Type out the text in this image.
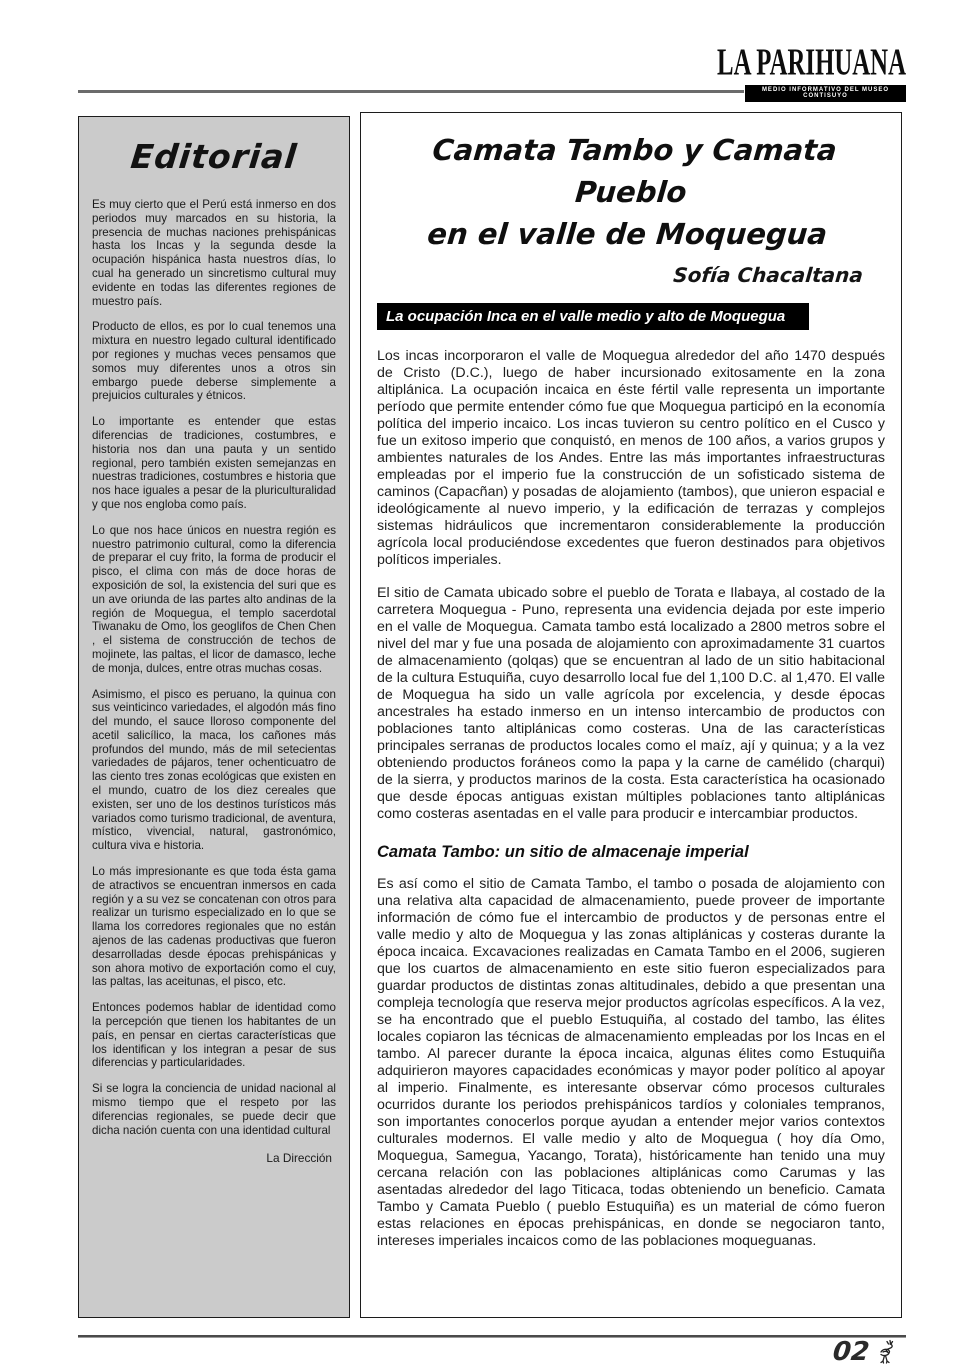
LA PARIHUANA
MEDIO INFORMATIVO DEL MUSEO CONTISUYO
Editorial

Es muy cierto que el Perú está inmerso en dos periodos muy marcados en su historia, la presencia de muchas naciones prehispánicas hasta los Incas y la segunda desde la ocupación hispánica hasta nuestros días, lo cual ha generado un sincretismo cultural muy evidente en todas las diferentes regiones de muestro país.

Producto de ellos, es por lo cual tenemos una mixtura en nuestro legado cultural identificado por regiones y muchas veces pensamos que somos muy diferentes unos a otros sin embargo puede deberse simplemente a prejuicios culturales y étnicos.

Lo importante es entender que estas diferencias de tradiciones, costumbres, e historia nos dan una pauta y un sentido regional, pero también existen semejanzas en nuestras tradiciones, costumbres e historia que nos hace iguales a pesar de la pluriculturalidad y que nos engloba como país.

Lo que nos hace únicos en nuestra región es nuestro patrimonio cultural, como la diferencia de preparar el cuy frito, la forma de producir el pisco, el clima con más de doce horas de exposición de sol, la existencia del suri que es un ave oriunda de las partes alto andinas de la región de Moquegua, el templo sacerdotal Tiwanaku de Omo, los geoglifos de Chen Chen , el sistema de construcción de techos de mojinete, las paltas, el licor de damasco, leche de monja, dulces, entre otras muchas cosas.

Asimismo, el pisco es peruano, la quinua con sus veinticinco variedades, el algodón más fino del mundo, el sauce lloroso componente del acetil salicílico, la maca, los cañones más profundos del mundo, más de mil setecientas variedades de pájaros, tener ochenticuatro de las ciento tres zonas ecológicas que existen en el mundo, cuatro de los diez cereales que existen, ser uno de los destinos turísticos más variados como turismo tradicional, de aventura, místico, vivencial, natural, gastronómico, cultura viva e historia.

Lo más impresionante es que toda ésta gama de atractivos se encuentran inmersos en cada región y a su vez se concatenan con otros para realizar un turismo especializado en lo que se llama los corredores regionales que no están ajenos de las cadenas productivas que fueron desarrolladas desde épocas prehispánicas y son ahora motivo de exportación como el cuy, las paltas, las aceitunas, el pisco, etc.

Entonces podemos hablar de identidad como la percepción que tienen los habitantes de un país, en pensar en ciertas características que los identifican y los integran a pesar de sus diferencias y particularidades.

Si se logra la conciencia de unidad nacional al mismo tiempo que el respeto por las diferencias regionales, se puede decir que dicha nación cuenta con una identidad cultural

La Dirección
Camata Tambo y Camata Pueblo
en el valle de Moquegua
Sofía Chacaltana
La ocupación Inca en el valle medio y alto de Moquegua

Los incas incorporaron el valle de Moquegua alrededor del año 1470 después de Cristo (D.C.), luego de haber incursionado exitosamente en la zona altiplánica. La ocupación incaica en éste fértil valle representa un importante período que permite entender cómo fue que Moquegua participó en la economía política del imperio incaico. Los incas tuvieron su centro político en el Cusco y fue un exitoso imperio que conquistó, en menos de 100 años, a varios grupos y ambientes naturales de los Andes. Entre las más importantes infraestructuras empleadas por el imperio fue la construcción de un sofisticado sistema de caminos (Capacñan) y posadas de alojamiento (tambos), que unieron espacial e ideológicamente al nuevo imperio, y la edificación de terrazas y complejos sistemas hidráulicos que incrementaron considerablemente la producción agrícola local produciéndose excedentes que fueron destinados para objetivos políticos imperiales.

El sitio de Camata ubicado sobre el pueblo de Torata e Ilabaya, al costado de la carretera Moquegua - Puno, representa una evidencia dejada por este imperio en el valle de Moquegua. Camata tambo está localizado a 2800 metros sobre el nivel del mar y fue una posada de alojamiento con aproximadamente 31 cuartos de almacenamiento (qolqas) que se encuentran al lado de un sitio habitacional de la cultura Estuquiña, cuyo desarrollo local fue del 1,100 D.C. al 1,470. El valle de Moquegua ha sido un valle agrícola por excelencia, y desde épocas ancestrales ha estado inmerso en un intenso intercambio de productos con poblaciones tanto altiplánicas como costeras. Una de las características principales serranas de productos locales como el maíz, ají y quinua; y a la vez obteniendo productos foráneos como la papa y la carne de camélido (charqui) de la sierra, y productos marinos de la costa. Esta característica ha ocasionado que desde épocas antiguas existan múltiples poblaciones tanto altiplánicas como costeras asentadas en el valle para producir e intercambiar productos.

Camata Tambo: un sitio de almacenaje imperial

Es así como el sitio de Camata Tambo, el tambo o posada de alojamiento con una relativa alta capacidad de almacenamiento, puede proveer de importante información de cómo fue el intercambio de productos y de personas entre el valle medio y alto de Moquegua y las zonas altiplánicas y costeras durante la época incaica. Excavaciones realizadas en Camata Tambo en el 2006, sugieren que los cuartos de almacenamiento en este sitio fueron especializados para guardar productos de distintas zonas altitudinales, debido a que presentan una compleja tecnología que reserva mejor productos agrícolas específicos. A la vez, se ha encontrado que el pueblo Estuquiña, al costado del tambo, las élites locales copiaron las técnicas de almacenamiento empleadas por los Incas en el tambo. Al parecer durante la época incaica, algunas élites como Estuquiña adquirieron mayores capacidades económicas y mayor poder político al apoyar al imperio. Finalmente, es interesante observar cómo procesos culturales ocurridos durante los periodos prehispánicos tardíos y coloniales tempranos, son importantes conocerlos porque ayudan a entender mejor varios contextos culturales modernos. El valle medio y alto de Moquegua ( hoy día Omo, Moquegua, Samegua, Yacango, Torata), históricamente han tenido una muy cercana relación con las poblaciones altiplánicas como Carumas y las asentadas alrededor del lago Titicaca, todas obteniendo un beneficio. Camata Tambo y Camata Pueblo ( pueblo Estuquiña) es un material de cómo fueron estas relaciones en épocas prehispánicas, en donde se negociaron tanto, intereses imperiales incaicos como de las poblaciones moqueguanas.

02
